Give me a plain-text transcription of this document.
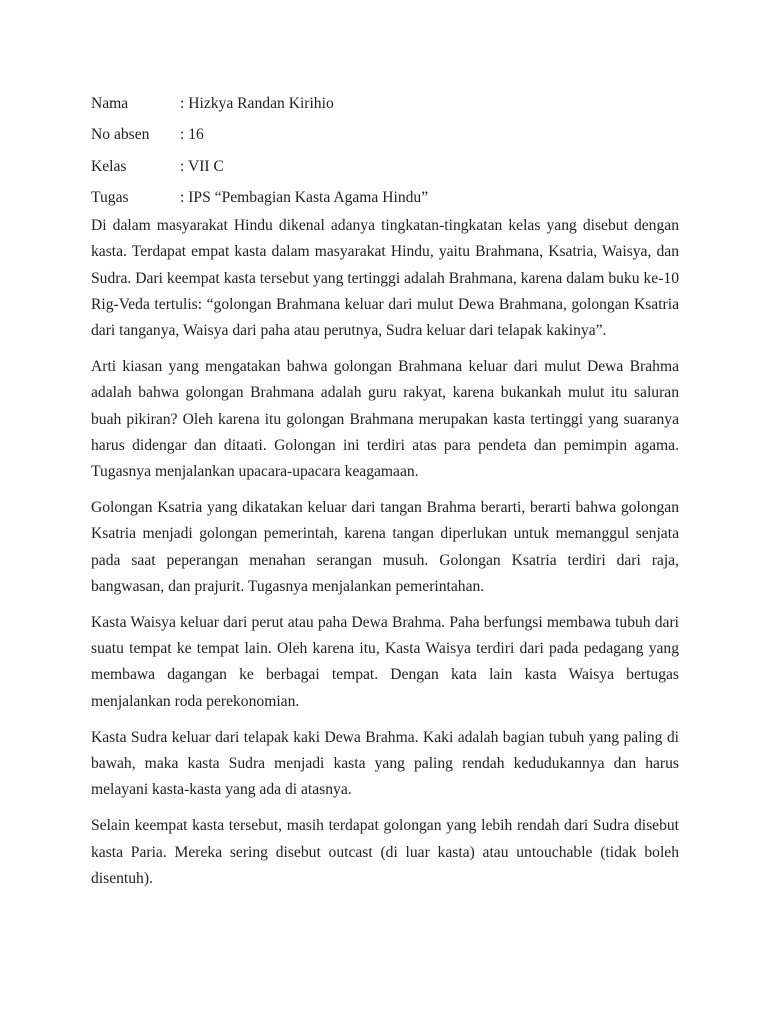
Nama	: Hizkya Randan Kirihio
No absen	: 16
Kelas	: VII C
Tugas	: IPS “Pembagian Kasta Agama Hindu”

Di dalam masyarakat Hindu dikenal adanya tingkatan-tingkatan kelas yang disebut dengan kasta. Terdapat empat kasta dalam masyarakat Hindu, yaitu Brahmana, Ksatria, Waisya, dan Sudra. Dari keempat kasta tersebut yang tertinggi adalah Brahmana, karena dalam buku ke-10 Rig-Veda tertulis: “golongan Brahmana keluar dari mulut Dewa Brahmana, golongan Ksatria dari tanganya, Waisya dari paha atau perutnya, Sudra keluar dari telapak kakinya”.

Arti kiasan yang mengatakan bahwa golongan Brahmana keluar dari mulut Dewa Brahma adalah bahwa golongan Brahmana adalah guru rakyat, karena bukankah mulut itu saluran buah pikiran? Oleh karena itu golongan Brahmana merupakan kasta tertinggi yang suaranya harus didengar dan ditaati. Golongan ini terdiri atas para pendeta dan pemimpin agama. Tugasnya menjalankan upacara-upacara keagamaan.

Golongan Ksatria yang dikatakan keluar dari tangan Brahma berarti, berarti bahwa golongan Ksatria menjadi golongan pemerintah, karena tangan diperlukan untuk memanggul senjata pada saat peperangan menahan serangan musuh. Golongan Ksatria terdiri dari raja, bangwasan, dan prajurit. Tugasnya menjalankan pemerintahan.

Kasta Waisya keluar dari perut atau paha Dewa Brahma. Paha berfungsi membawa tubuh dari suatu tempat ke tempat lain. Oleh karena itu, Kasta Waisya terdiri dari pada pedagang yang membawa dagangan ke berbagai tempat. Dengan kata lain kasta Waisya bertugas menjalankan roda perekonomian.

Kasta Sudra keluar dari telapak kaki Dewa Brahma. Kaki adalah bagian tubuh yang paling di bawah, maka kasta Sudra menjadi kasta yang paling rendah kedudukannya dan harus melayani kasta-kasta yang ada di atasnya.

Selain keempat kasta tersebut, masih terdapat golongan yang lebih rendah dari Sudra disebut kasta Paria. Mereka sering disebut outcast (di luar kasta) atau untouchable (tidak boleh disentuh).
